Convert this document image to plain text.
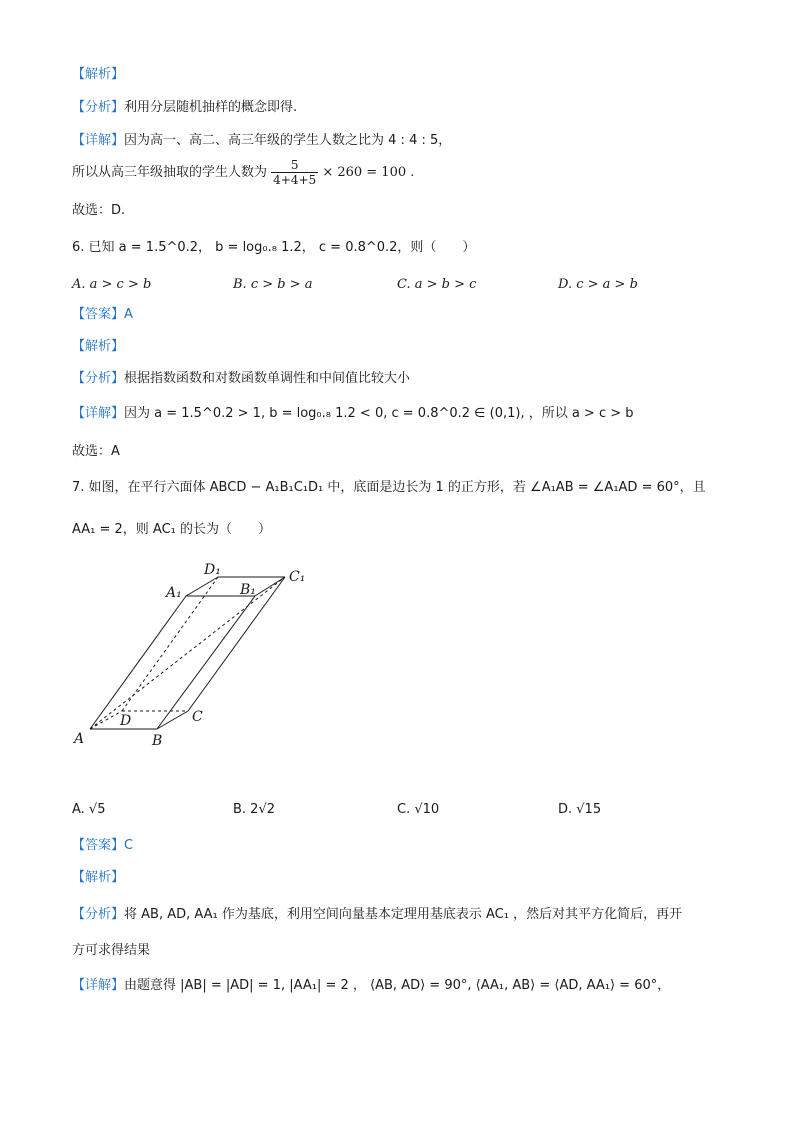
【解析】
【分析】利用分层随机抽样的概念即得.
【详解】因为高一、高二、高三年级的学生人数之比为 4 : 4 : 5，
所以从高三年级抽取的学生人数为 $\frac{5}{4+4+5} \times 260 = 100$ .
故选：D.
6. 已知 a = 1.5^0.2， b = log₀.₈ 1.2， c = 0.8^0.2，则（　　）
A. a > c > b	B. c > b > a	C. a > b > c	D. c > a > b
【答案】A
【解析】
【分析】根据指数函数和对数函数单调性和中间值比较大小
【详解】因为 a = 1.5^0.2 > 1, b = log₀.₈ 1.2 < 0, c = 0.8^0.2 ∈ (0,1), ，所以 a > c > b
故选：A
7. 如图，在平行六面体 ABCD − A₁B₁C₁D₁ 中，底面是边长为 1 的正方形，若 ∠A₁AB = ∠A₁AD = 60°，且
AA₁ = 2，则 AC₁ 的长为（　　）
A	B
C
D
A₁	B₁
C₁
D₁
A. √5	B. 2√2	C. √10	D. √15
【答案】C
【解析】
【分析】将 AB, AD, AA₁ 作为基底，利用空间向量基本定理用基底表示 AC₁ ，然后对其平方化简后，再开
方可求得结果
【详解】由题意得 |AB| = |AD| = 1, |AA₁| = 2 ， ⟨AB, AD⟩ = 90°, ⟨AA₁, AB⟩ = ⟨AD, AA₁⟩ = 60°，
